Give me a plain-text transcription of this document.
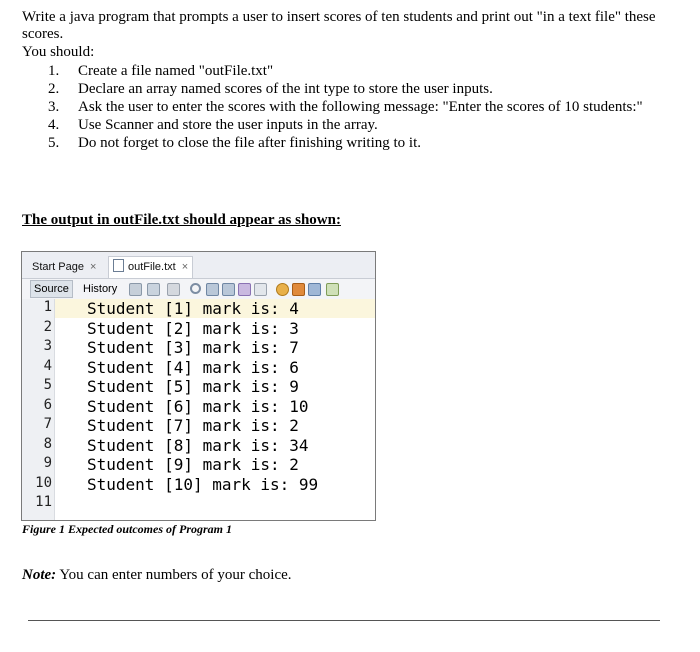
Write a java program that prompts a user to insert scores of ten students and print out "in a text file" these scores.
You should:
1. Create a file named "outFile.txt"
2. Declare an array named scores of the int type to store the user inputs.
3. Ask the user to enter the scores with the following message: "Enter the scores of 10 students:"
4. Use Scanner and store the user inputs in the array.
5. Do not forget to close the file after finishing writing to it.
The output in outFile.txt should appear as shown:
Start Page ×	outFile.txt ×
Source	History
1
2
3
4
5
6
7
8
9
10
11
Student [1] mark is: 4
Student [2] mark is: 3
Student [3] mark is: 7
Student [4] mark is: 6
Student [5] mark is: 9
Student [6] mark is: 10
Student [7] mark is: 2
Student [8] mark is: 34
Student [9] mark is: 2
Student [10] mark is: 99
Figure 1 Expected outcomes of Program 1
Note: You can enter numbers of your choice.
